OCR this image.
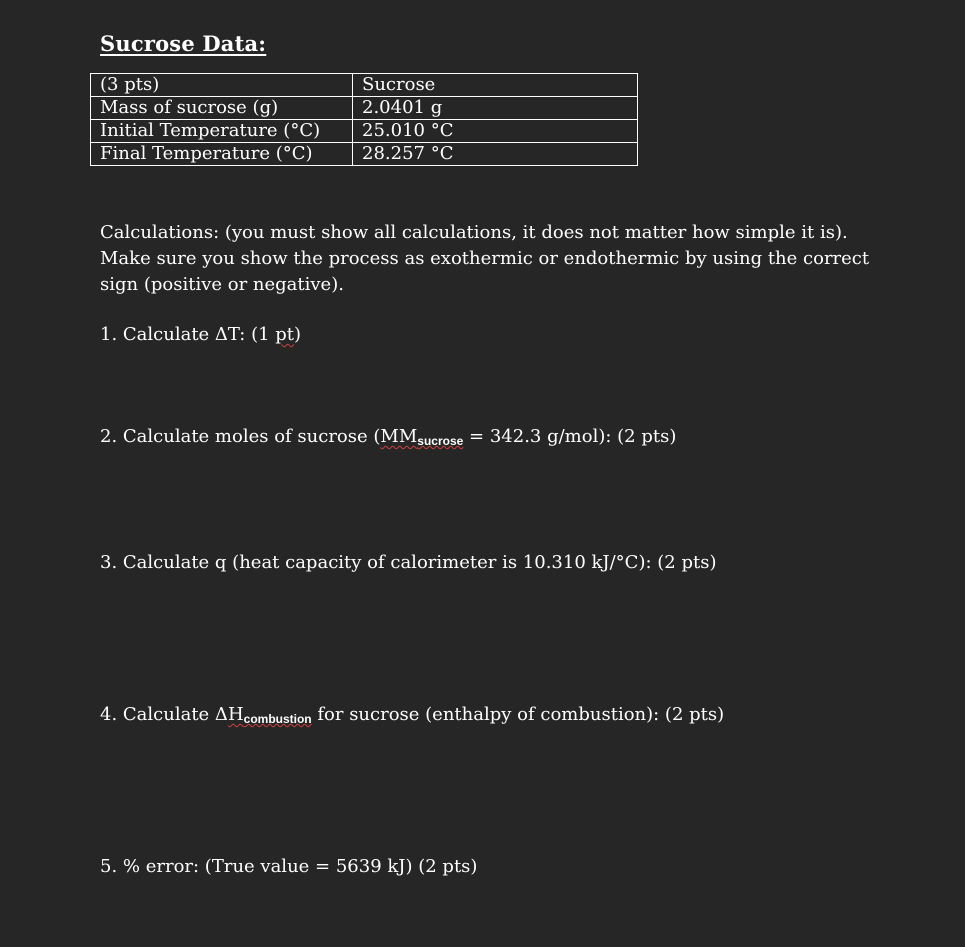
Sucrose Data:
(3 pts)	Sucrose
Mass of sucrose (g)	2.0401 g
Initial Temperature (°C)	25.010 °C
Final Temperature (°C)	28.257 °C

Calculations: (you must show all calculations, it does not matter how simple it is). Make sure you show the process as exothermic or endothermic by using the correct sign (positive or negative).

1. Calculate ΔT: (1 pt)

2. Calculate moles of sucrose ($MM_{sucrose} = 342.3$ g/mol): (2 pts)

3. Calculate q (heat capacity of calorimeter is 10.310 kJ/°C): (2 pts)

4. Calculate $\Delta H_{combustion}$ for sucrose (enthalpy of combustion): (2 pts)

5. % error: (True value = 5639 kJ) (2 pts)
